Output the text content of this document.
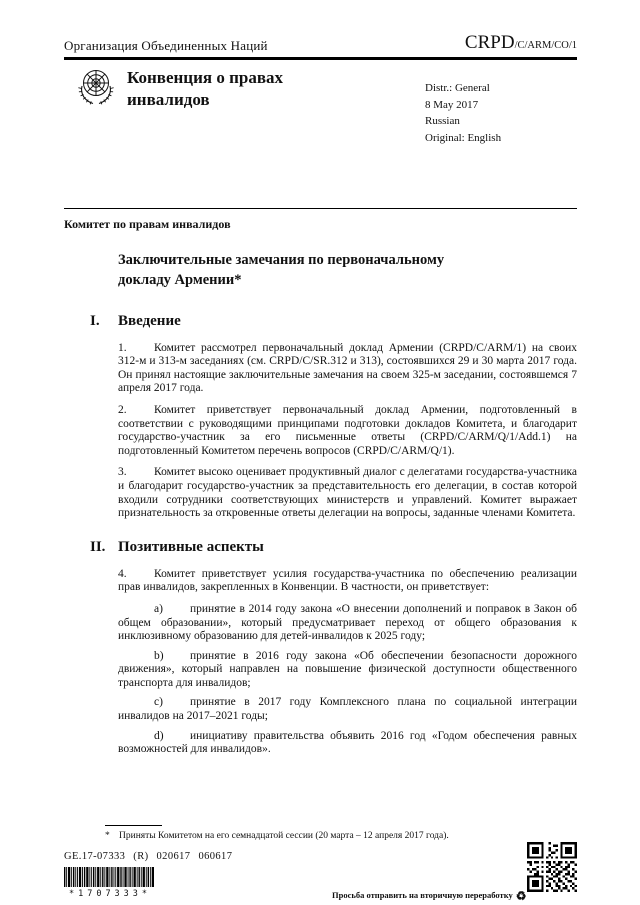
Организация Объединенных Наций	CRPD/C/ARM/CO/1
Конвенция о правах инвалидов
Distr.: General
8 May 2017
Russian
Original: English
Комитет по правам инвалидов
Заключительные замечания по первоначальному докладу Армении*
I.	Введение

1. Комитет рассмотрел первоначальный доклад Армении (CRPD/C/ARM/1) на своих 312-м и 313-м заседаниях (см. CRPD/C/SR.312 и 313), состоявшихся 29 и 30 марта 2017 года. Он принял настоящие заключительные замечания на своем 325-м заседании, состоявшемся 7 апреля 2017 года.

2. Комитет приветствует первоначальный доклад Армении, подготовленный в соответствии с руководящими принципами подготовки докладов Комитета, и благодарит государство-участник за его письменные ответы (CRPD/C/ARM/Q/1/Add.1) на подготовленный Комитетом перечень вопросов (CRPD/C/ARM/Q/1).

3. Комитет высоко оценивает продуктивный диалог с делегатами государства-участника и благодарит государство-участник за представительность его делегации, в состав которой входили сотрудники соответствующих министерств и управлений. Комитет выражает признательность за откровенные ответы делегации на вопросы, заданные членами Комитета.

II. Позитивные аспекты

4. Комитет приветствует усилия государства-участника по обеспечению реализации прав инвалидов, закрепленных в Конвенции. В частности, он приветствует:

a) принятие в 2014 году закона «О внесении дополнений и поправок в Закон об общем образовании», который предусматривает переход от общего образования к инклюзивному образованию для детей-инвалидов к 2025 году;

b) принятие в 2016 году закона «Об обеспечении безопасности дорожного движения», который направлен на повышение физической доступности общественного транспорта для инвалидов;

c) принятие в 2017 году Комплексного плана по социальной интеграции инвалидов на 2017–2021 годы;

d) инициативу правительства объявить 2016 год «Годом обеспечения равных возможностей для инвалидов».

* Приняты Комитетом на его семнадцатой сессии (20 марта – 12 апреля 2017 года).
GE.17-07333 (R) 020617 060617
*1707333*	Просьба отправить на вторичную переработку ♻
